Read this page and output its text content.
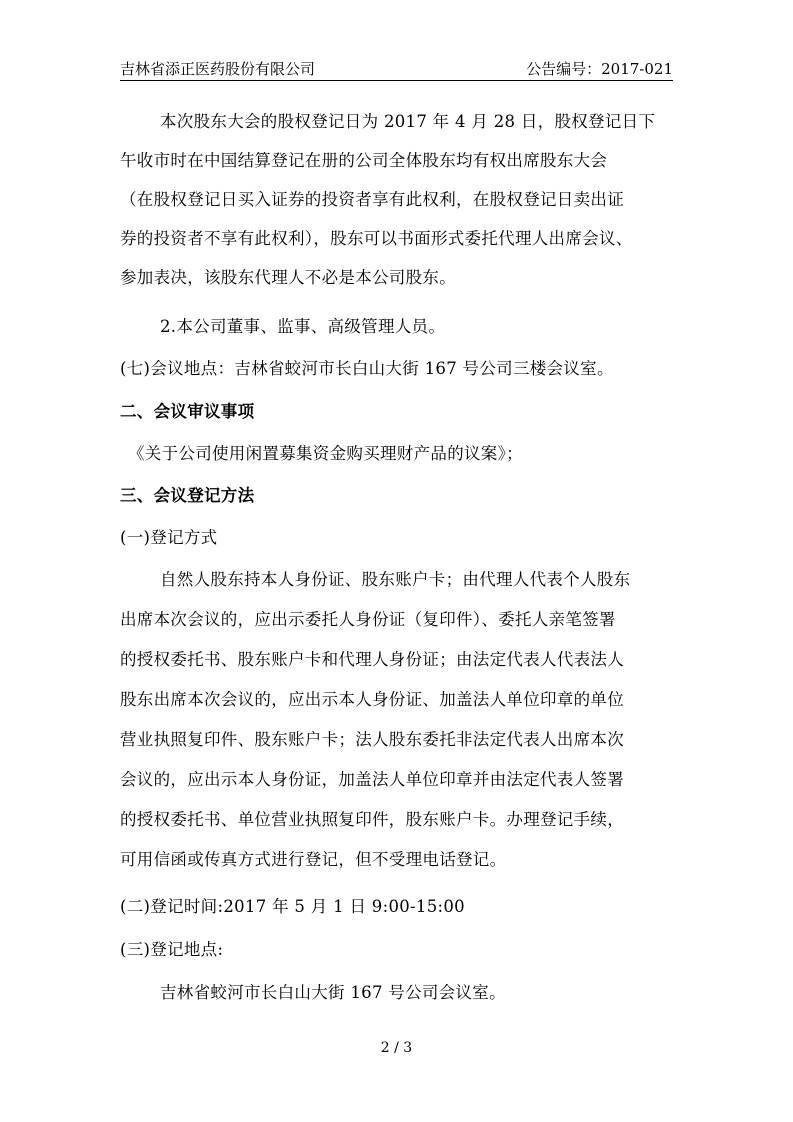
吉林省添正医药股份有限公司	公告编号：2017-021
本次股东大会的股权登记日为 2017 年 4 月 28 日，股权登记日下
午收市时在中国结算登记在册的公司全体股东均有权出席股东大会
（在股权登记日买入证券的投资者享有此权利，在股权登记日卖出证
券的投资者不享有此权利），股东可以书面形式委托代理人出席会议、
参加表决，该股东代理人不必是本公司股东。
2.本公司董事、监事、高级管理人员。
(七)会议地点：吉林省蛟河市长白山大街 167 号公司三楼会议室。
二、会议审议事项
《关于公司使用闲置募集资金购买理财产品的议案》；
三、会议登记方法
(一)登记方式
自然人股东持本人身份证、股东账户卡；由代理人代表个人股东
出席本次会议的，应出示委托人身份证（复印件）、委托人亲笔签署
的授权委托书、股东账户卡和代理人身份证；由法定代表人代表法人
股东出席本次会议的，应出示本人身份证、加盖法人单位印章的单位
营业执照复印件、股东账户卡；法人股东委托非法定代表人出席本次
会议的，应出示本人身份证，加盖法人单位印章并由法定代表人签署
的授权委托书、单位营业执照复印件，股东账户卡。办理登记手续，
可用信函或传真方式进行登记，但不受理电话登记。
(二)登记时间:2017 年 5 月 1 日 9:00-15:00
(三)登记地点:
吉林省蛟河市长白山大街 167 号公司会议室。
2 / 3
